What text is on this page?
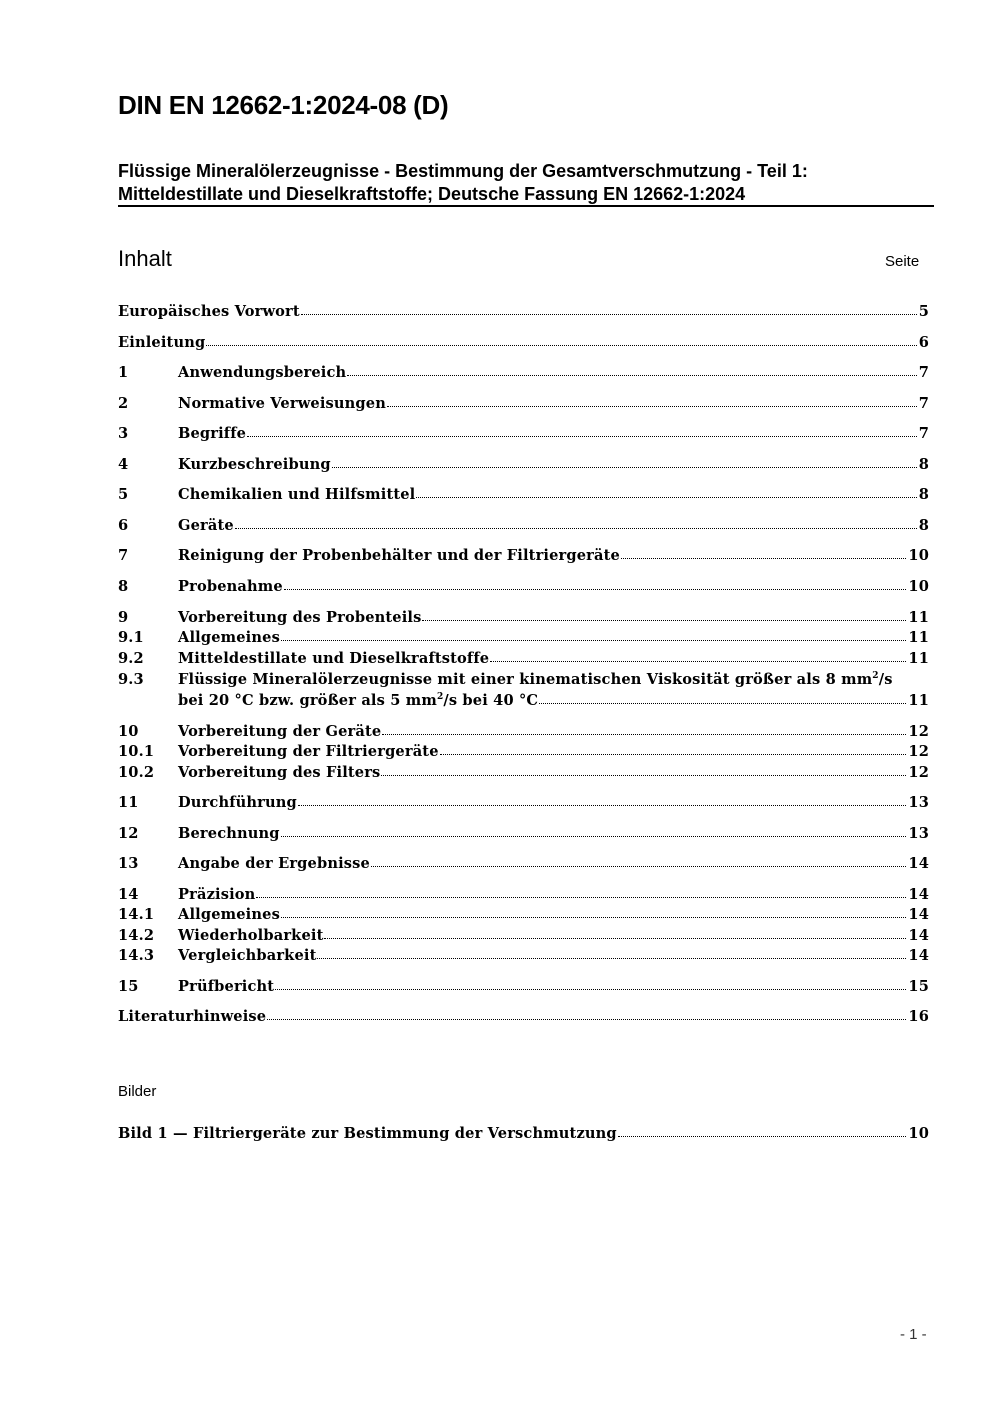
DIN EN 12662-1:2024-08 (D)
Flüssige Mineralölerzeugnisse - Bestimmung der Gesamtverschmutzung - Teil 1: Mitteldestillate und Dieselkraftstoffe; Deutsche Fassung EN 12662-1:2024
Inhalt	Seite
Europäisches Vorwort	5
Einleitung	6
1	Anwendungsbereich	7
2	Normative Verweisungen	7
3	Begriffe	7
4	Kurzbeschreibung	8
5	Chemikalien und Hilfsmittel	8
6	Geräte	8
7	Reinigung der Probenbehälter und der Filtriergeräte	10
8	Probenahme	10
9	Vorbereitung des Probenteils	11
9.1	Allgemeines	11
9.2	Mitteldestillate und Dieselkraftstoffe	11
9.3	Flüssige Mineralölerzeugnisse mit einer kinematischen Viskosität größer als 8 $mm^2/s$
bei 20 °C bzw. größer als 5 $mm^2/s$ bei 40 °C	11
10	Vorbereitung der Geräte	12
10.1	Vorbereitung der Filtriergeräte	12
10.2	Vorbereitung des Filters	12
11	Durchführung	13
12	Berechnung	13
13	Angabe der Ergebnisse	14
14	Präzision	14
14.1	Allgemeines	14
14.2	Wiederholbarkeit	14
14.3	Vergleichbarkeit	14
15	Prüfbericht	15
Literaturhinweise	16
Bilder
Bild 1 — Filtriergeräte zur Bestimmung der Verschmutzung	10
- 1 -
